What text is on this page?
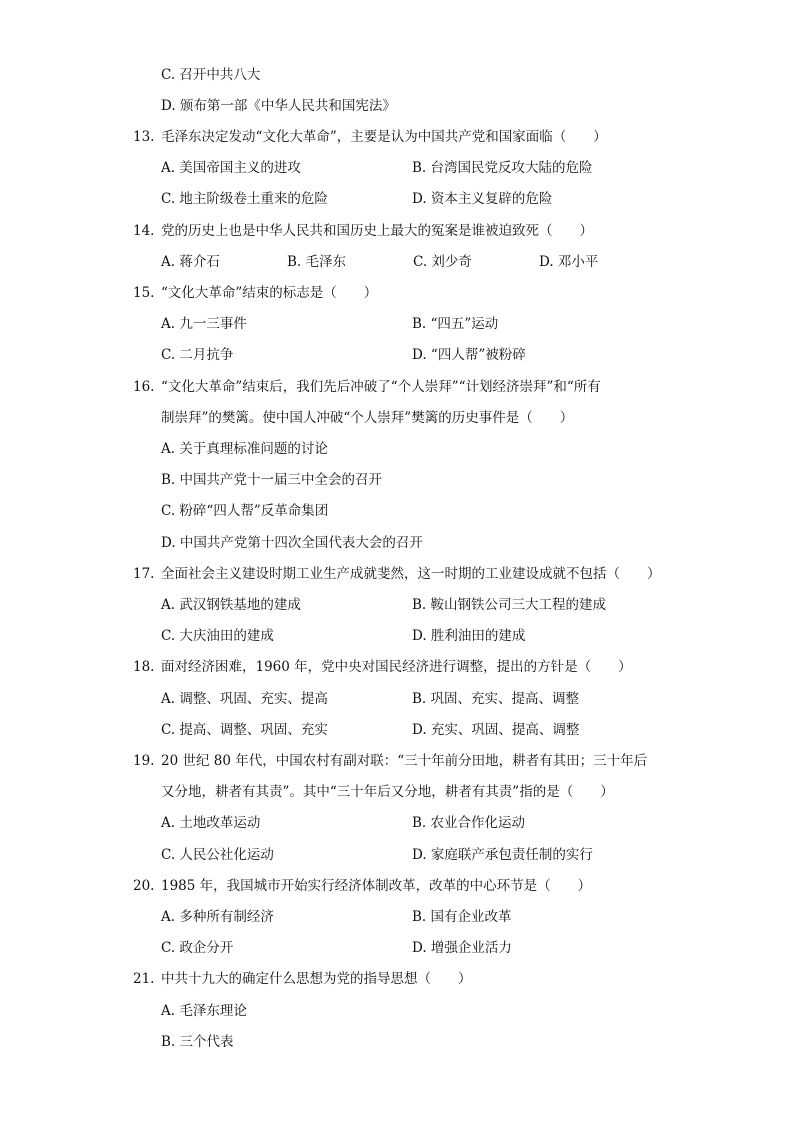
C. 召开中共八大
D. 颁布第一部《中华人民共和国宪法》
13. 毛泽东决定发动“文化大革命”，主要是认为中国共产党和国家面临（　　）
A. 美国帝国主义的进攻	B. 台湾国民党反攻大陆的危险
C. 地主阶级卷土重来的危险	D. 资本主义复辟的危险
14. 党的历史上也是中华人民共和国历史上最大的冤案是谁被迫致死（　　）
A. 蒋介石	B. 毛泽东	C. 刘少奇	D. 邓小平
15. “文化大革命”结束的标志是（　　）
A. 九一三事件	B. “四五”运动
C. 二月抗争	D. “四人帮”被粉碎
16. “文化大革命”结束后，我们先后冲破了“个人崇拜”“计划经济崇拜”和“所有
制崇拜”的樊篱。使中国人冲破“个人崇拜”樊篱的历史事件是（　　）
A. 关于真理标准问题的讨论
B. 中国共产党十一届三中全会的召开
C. 粉碎“四人帮”反革命集团
D. 中国共产党第十四次全国代表大会的召开
17. 全面社会主义建设时期工业生产成就斐然，这一时期的工业建设成就不包括（　　）
A. 武汉钢铁基地的建成	B. 鞍山钢铁公司三大工程的建成
C. 大庆油田的建成	D. 胜利油田的建成
18. 面对经济困难，1960 年，党中央对国民经济进行调整，提出的方针是（　　）
A. 调整、巩固、充实、提高	B. 巩固、充实、提高、调整
C. 提高、调整、巩固、充实	D. 充实、巩固、提高、调整
19. 20 世纪 80 年代，中国农村有副对联：“三十年前分田地，耕者有其田；三十年后
又分地，耕者有其责”。其中“三十年后又分地，耕者有其责”指的是（　　）
A. 土地改革运动	B. 农业合作化运动
C. 人民公社化运动	D. 家庭联产承包责任制的实行
20. 1985 年，我国城市开始实行经济体制改革，改革的中心环节是（　　）
A. 多种所有制经济	B. 国有企业改革
C. 政企分开	D. 增强企业活力
21. 中共十九大的确定什么思想为党的指导思想（　　）
A. 毛泽东理论
B. 三个代表
